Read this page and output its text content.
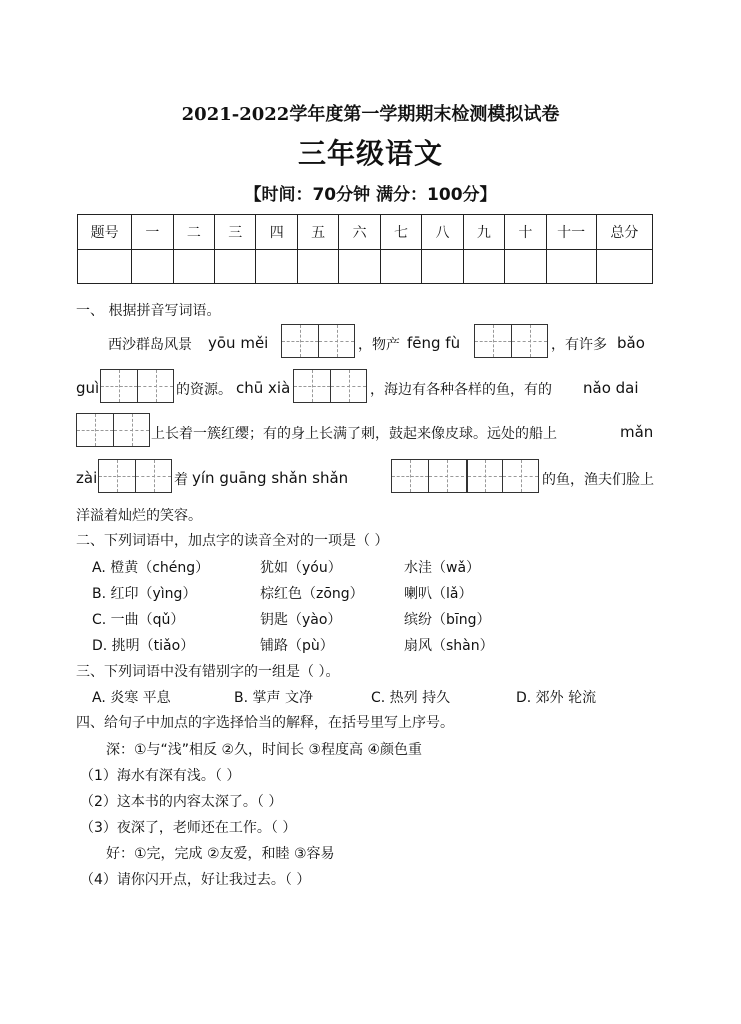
2021-2022学年度第一学期期末检测模拟试卷
三年级语文
【时间：70分钟 满分：100分】
题号	一	二	三	四	五	六	七	八	九	十	十一	总分

一、 根据拼音写词语。
西沙群岛风景 yōu měi	，物产 fēng fù	，有许多 bǎo
guì	的资源。 chū xià	，海边有各种各样的鱼，有的 nǎo dai
上长着一簇红缨；有的身上长满了刺，鼓起来像皮球。远处的船上	mǎn
zài	着 yín guāng shǎn shǎn	的鱼，渔夫们脸上
洋溢着灿烂的笑容。
二、下列词语中，加点字的读音全对的一项是（ ）
A. 橙黄（chéng）	犹如（yóu）	水洼（wǎ）
B. 红印（yìng）	棕红色（zōng）	喇叭（lǎ）
C. 一曲（qǔ）	钥匙（yào）	缤纷（bīng）
D. 挑明（tiǎo）	铺路（pù）	扇风（shàn）
三、下列词语中没有错别字的一组是（ ）。
A. 炎寒 平息	B. 掌声 文净	C. 热列 持久	D. 郊外 轮流
四、给句子中加点的字选择恰当的解释，在括号里写上序号。
深：①与“浅”相反 ②久，时间长 ③程度高 ④颜色重
（1）海水有深有浅。（ ）
（2）这本书的内容太深了。（ ）
（3）夜深了，老师还在工作。（ ）
好：①完，完成 ②友爱，和睦 ③容易
（4）请你闪开点，好让我过去。（ ）
